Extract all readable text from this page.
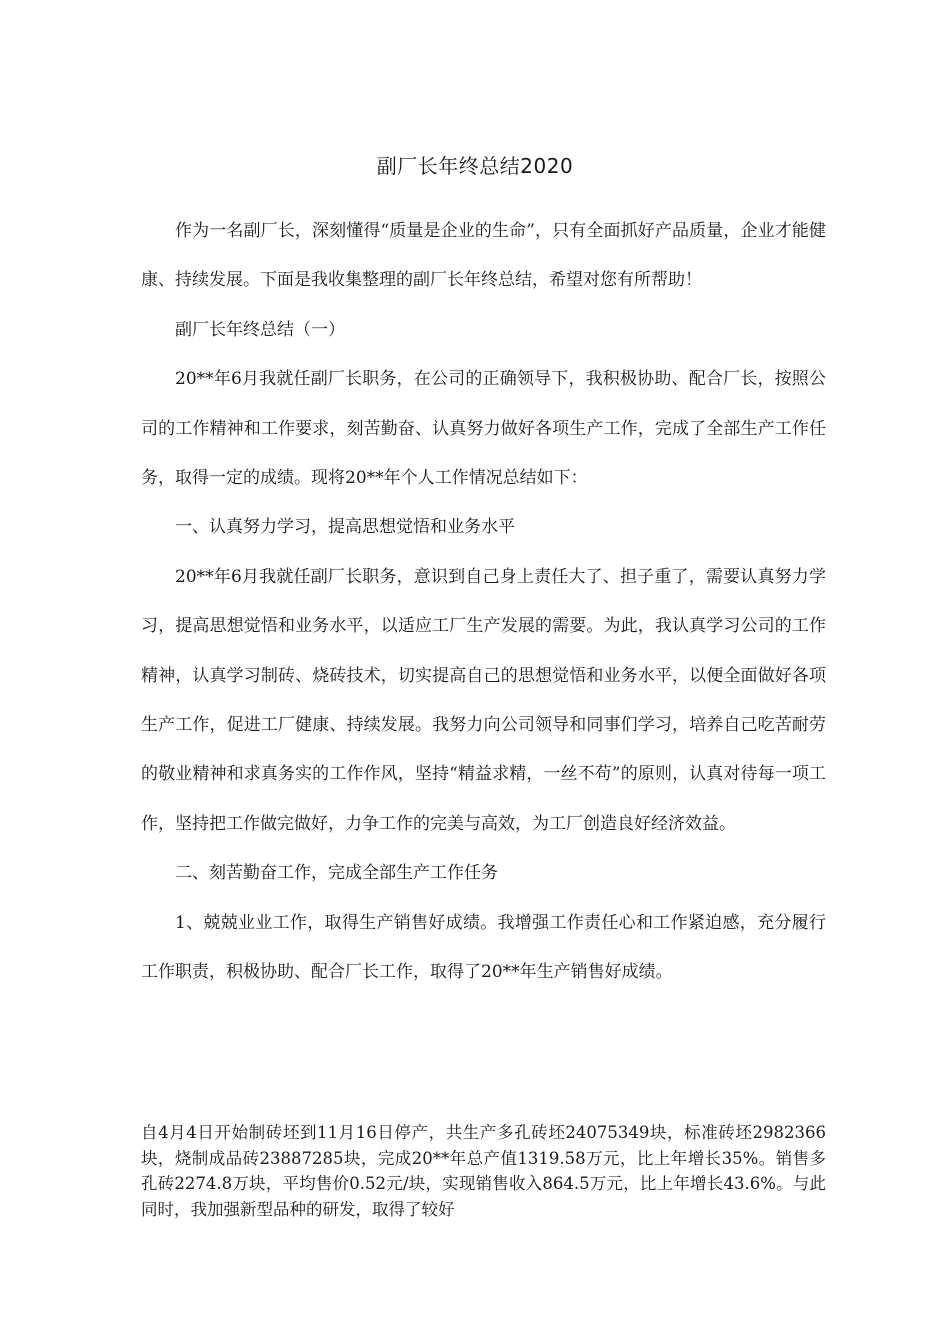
副厂长年终总结2020

作为一名副厂长，深刻懂得“质量是企业的生命”，只有全面抓好产品质量，企业才能健康、持续发展。下面是我收集整理的副厂长年终总结，希望对您有所帮助！

副厂长年终总结（一）

20**年6月我就任副厂长职务，在公司的正确领导下，我积极协助、配合厂长，按照公司的工作精神和工作要求，刻苦勤奋、认真努力做好各项生产工作，完成了全部生产工作任务，取得一定的成绩。现将20**年个人工作情况总结如下：

一、认真努力学习，提高思想觉悟和业务水平

20**年6月我就任副厂长职务，意识到自己身上责任大了、担子重了，需要认真努力学习，提高思想觉悟和业务水平，以适应工厂生产发展的需要。为此，我认真学习公司的工作精神，认真学习制砖、烧砖技术，切实提高自己的思想觉悟和业务水平，以便全面做好各项生产工作，促进工厂健康、持续发展。我努力向公司领导和同事们学习，培养自己吃苦耐劳的敬业精神和求真务实的工作作风，坚持“精益求精，一丝不苟”的原则，认真对待每一项工作，坚持把工作做完做好，力争工作的完美与高效，为工厂创造良好经济效益。

二、刻苦勤奋工作，完成全部生产工作任务

1、兢兢业业工作，取得生产销售好成绩。我增强工作责任心和工作紧迫感，充分履行工作职责，积极协助、配合厂长工作，取得了20**年生产销售好成绩。

自4月4日开始制砖坯到11月16日停产，共生产多孔砖坯24075349块，标准砖坯2982366块，烧制成品砖23887285块，完成20**年总产值1319.58万元，比上年增长35%。销售多孔砖2274.8万块，平均售价0.52元/块，实现销售收入864.5万元，比上年增长43.6%。与此同时，我加强新型品种的研发，取得了较好
